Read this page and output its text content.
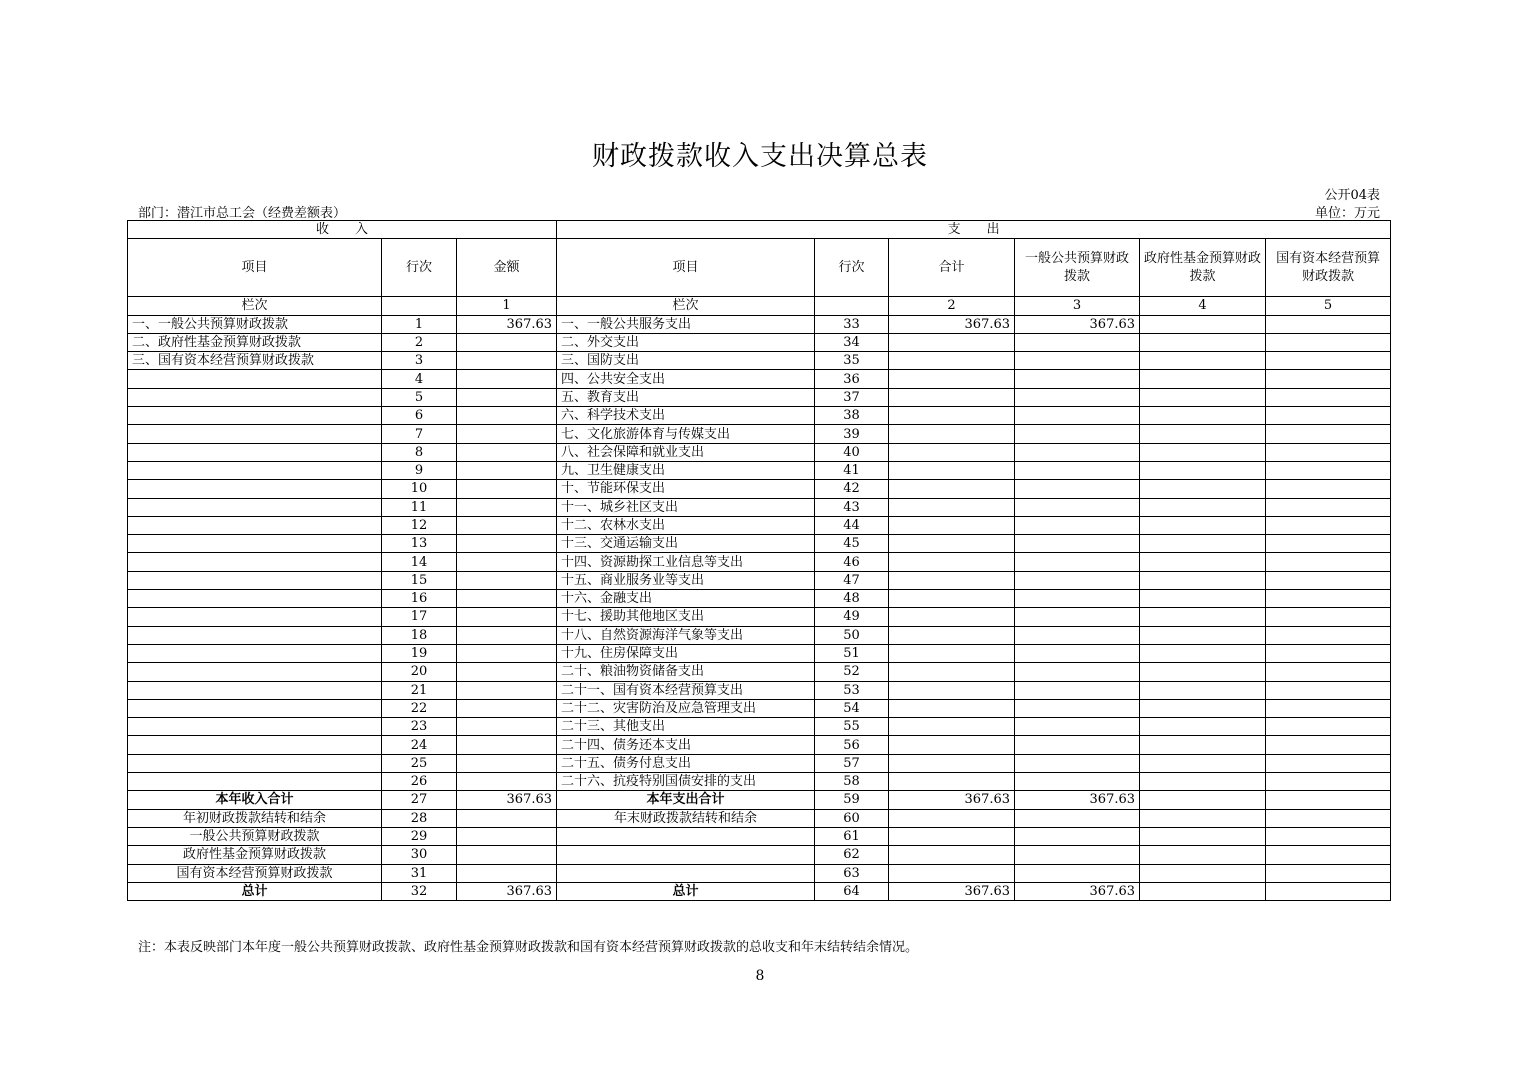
财政拨款收入支出决算总表
公开04表
部门：潜江市总工会（经费差额表）	单位：万元
收　　入			支　　出					
项目	行次	金额	项目	行次	合计	一般公共预算财政拨款	政府性基金预算财政拨款	国有资本经营预算财政拨款
栏次		1	栏次		2	3	4	5
一、一般公共预算财政拨款	1	367.63	一、一般公共服务支出	33	367.63	367.63		
二、政府性基金预算财政拨款	2		二、外交支出	34				
三、国有资本经营预算财政拨款	3		三、国防支出	35				
	4		四、公共安全支出	36				
	5		五、教育支出	37				
	6		六、科学技术支出	38				
	7		七、文化旅游体育与传媒支出	39				
	8		八、社会保障和就业支出	40				
	9		九、卫生健康支出	41				
	10		十、节能环保支出	42				
	11		十一、城乡社区支出	43				
	12		十二、农林水支出	44				
	13		十三、交通运输支出	45				
	14		十四、资源勘探工业信息等支出	46				
	15		十五、商业服务业等支出	47				
	16		十六、金融支出	48				
	17		十七、援助其他地区支出	49				
	18		十八、自然资源海洋气象等支出	50				
	19		十九、住房保障支出	51				
	20		二十、粮油物资储备支出	52				
	21		二十一、国有资本经营预算支出	53				
	22		二十二、灾害防治及应急管理支出	54				
	23		二十三、其他支出	55				
	24		二十四、债务还本支出	56				
	25		二十五、债务付息支出	57				
	26		二十六、抗疫特别国债安排的支出	58				
本年收入合计	27	367.63	本年支出合计	59	367.63	367.63		
年初财政拨款结转和结余	28		年末财政拨款结转和结余	60				
一般公共预算财政拨款	29			61				
政府性基金预算财政拨款	30			62				
国有资本经营预算财政拨款	31			63				
总计	32	367.63	总计	64	367.63	367.63		
注：本表反映部门本年度一般公共预算财政拨款、政府性基金预算财政拨款和国有资本经营预算财政拨款的总收支和年末结转结余情况。
8
